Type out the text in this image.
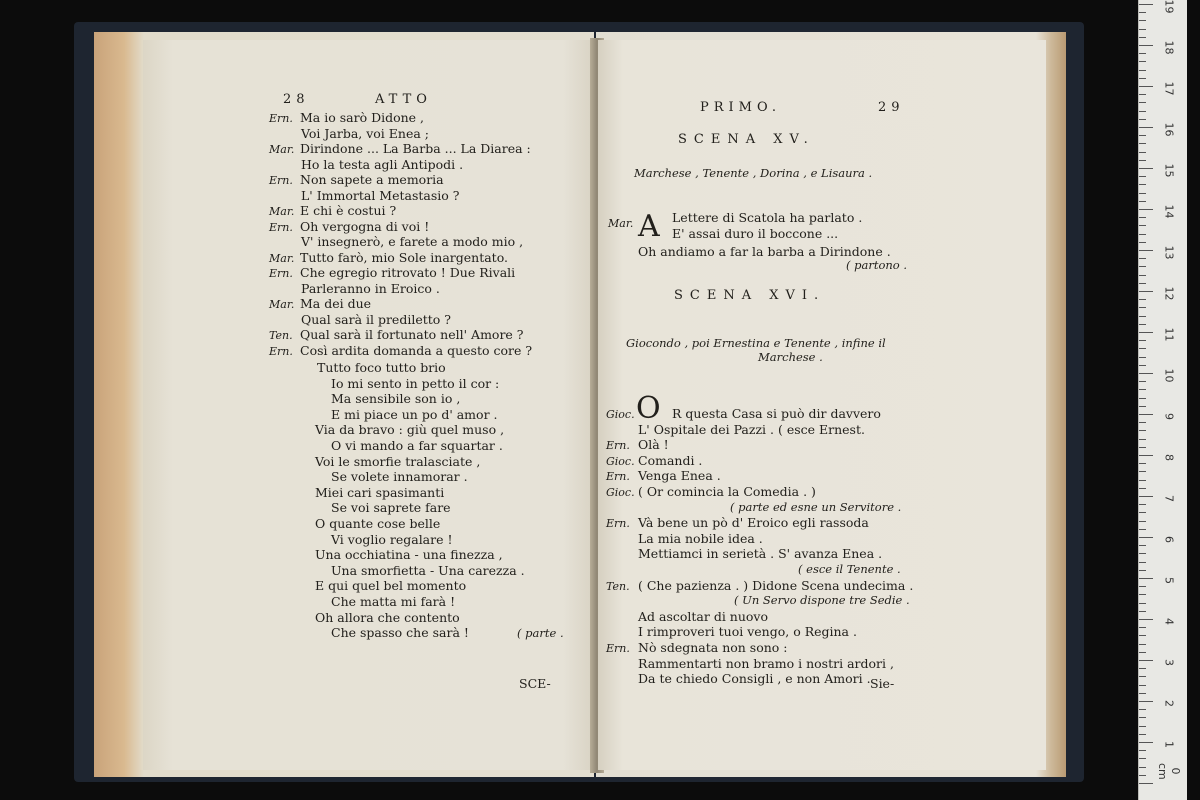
28	ATTO
Ern. Ma io sarò Didone ,
Voi Jarba, voi Enea ;
Mar. Dirindone ... La Barba ... La Diarea :
Ho la testa agli Antipodi .
Ern. Non sapete a memoria
L' Immortal Metastasio ?
Mar. E chi è costui ?
Ern. Oh vergogna di voi !
V' insegnerò, e farete a modo mio ,
Mar. Tutto farò, mio Sole inargentato.
Ern. Che egregio ritrovato ! Due Rivali
Parleranno in Eroico .
Mar. Ma dei due
Qual sarà il prediletto ?
Ten. Qual sarà il fortunato nell' Amore ?
Ern. Così ardita domanda a questo core ?
Tutto foco tutto brio
Io mi sento in petto il cor :
Ma sensibile son io ,
E mi piace un po d' amor .
Via da bravo : giù quel muso ,
O vi mando a far squartar .
Voi le smorfie tralasciate ,
Se volete innamorar .
Miei cari spasimanti
Se voi saprete fare
O quante cose belle
Vi voglio regalare !
Una occhiatina - una finezza ,
Una smorfietta - Una carezza .
E qui quel bel momento
Che matta mi farà !
Oh allora che contento
Che spasso che sarà !	( parte .
SCE-
PRIMO.	29
SCENA XV.
Marchese , Tenente , Dorina , e Lisaura .
Mar. A Lettere di Scatola ha parlato .
E' assai duro il boccone ...
Oh andiamo a far la barba a Dirindone .
( partono .
SCENA XVI.
Giocondo , poi Ernestina e Tenente , infine il
Marchese .
O
Gioc.	R questa Casa si può dir davvero
L' Ospitale dei Pazzi . ( esce Ernest.
Ern. Olà !
Gioc. Comandi .
Ern. Venga Enea .
Gioc. ( Or comincia la Comedia . )
( parte ed esne un Servitore .
Ern. Và bene un pò d' Eroico egli rassoda
La mia nobile idea .
Mettiamci in serietà . S' avanza Enea .
( esce il Tenente .
Ten. ( Che pazienza . ) Didone Scena undecima .
( Un Servo dispone tre Sedie .
Ad ascoltar di nuovo
I rimproveri tuoi vengo, o Regina .
Ern. Nò sdegnata non sono :
Rammentarti non bramo i nostri ardori ,
Da te chiedo Consigli , e non Amori . Sie-
19
18
17
16
15
14
13
12
11
10
9
8
7
6
5
4
3
2
1
0 cm
